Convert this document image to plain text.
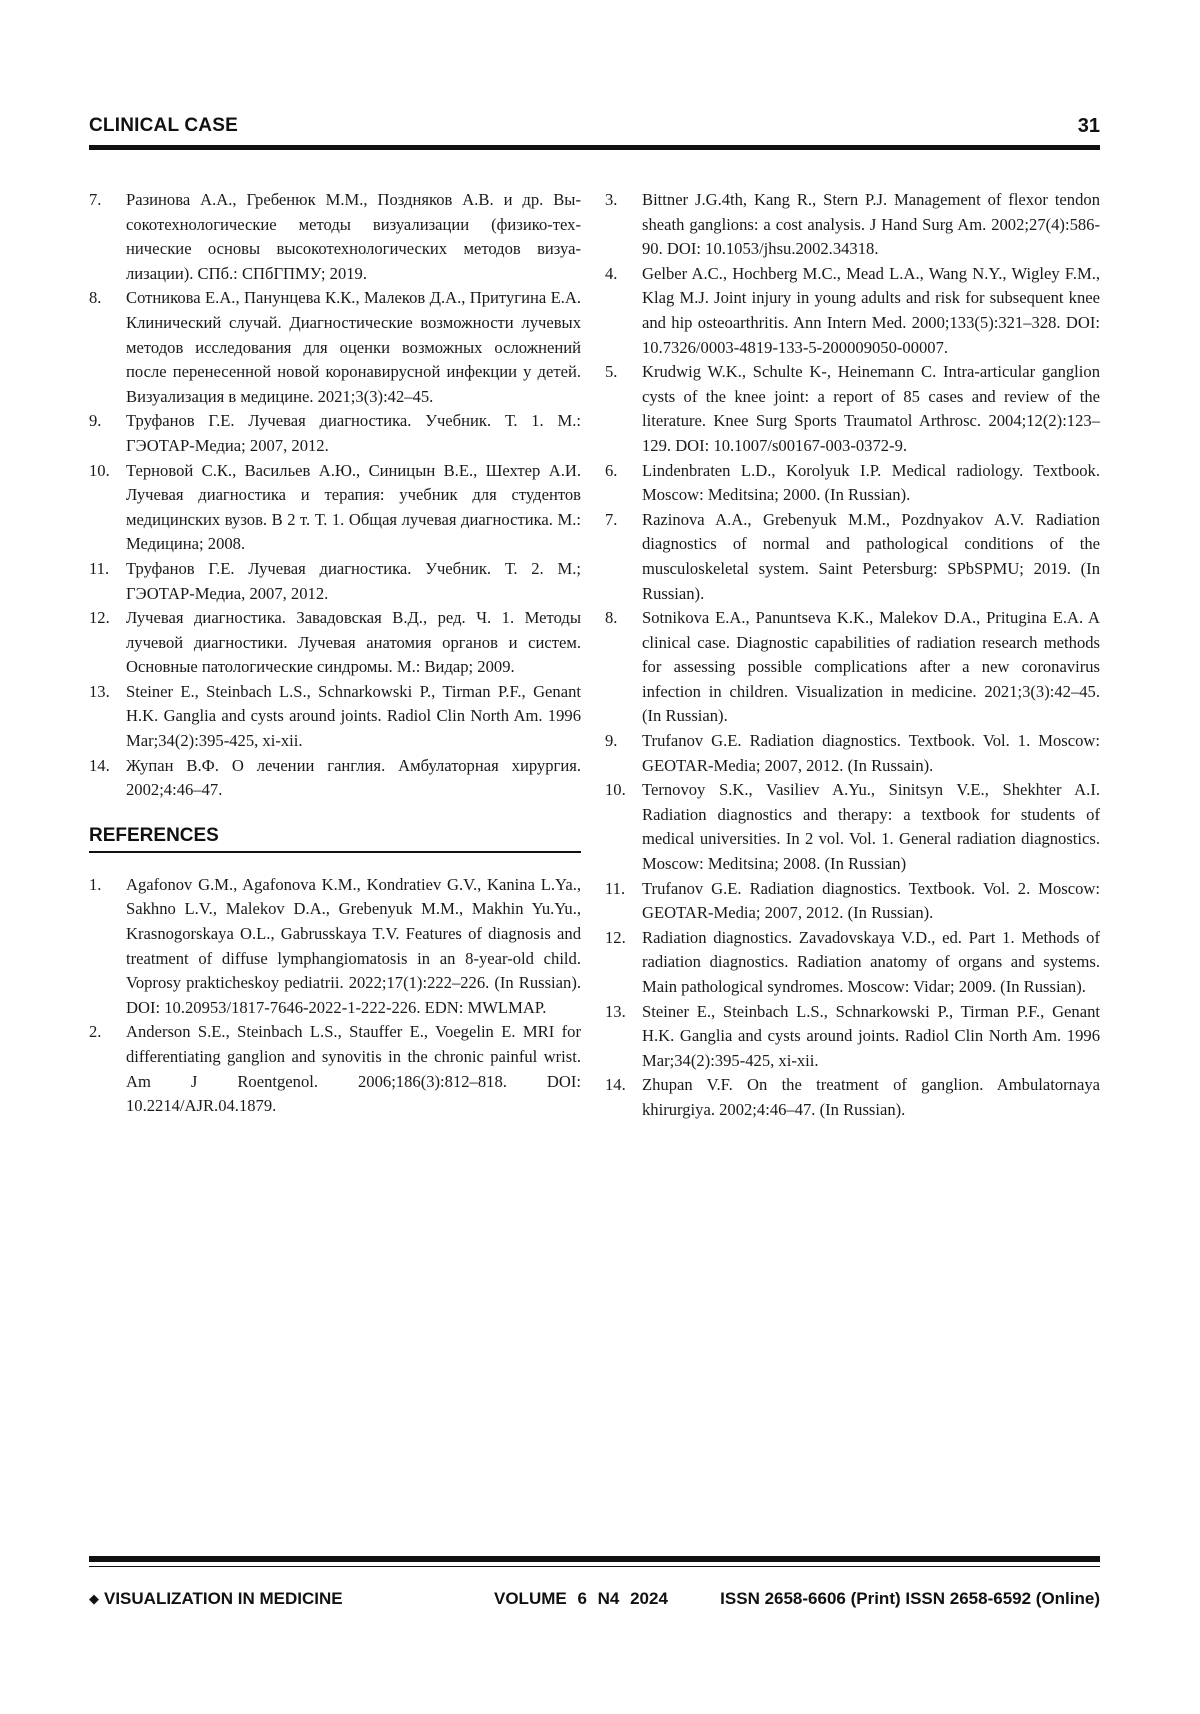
CLINICAL CASE	31
7. Разинова А.А., Гребенюк М.М., Поздняков А.В. и др. Высокотехнологические методы визуализации (физико-технические основы высокотехнологических методов визуализации). СПб.: СПбГПМУ; 2019.
8. Сотникова Е.А., Панунцева К.К., Малеков Д.А., Притугина Е.А. Клинический случай. Диагностические возможности лучевых методов исследования для оценки возможных осложнений после перенесенной новой коронавирусной инфекции у детей. Визуализация в медицине. 2021;3(3):42–45.
9. Труфанов Г.Е. Лучевая диагностика. Учебник. Т. 1. М.: ГЭОТАР-Медиа; 2007, 2012.
10. Терновой С.К., Васильев А.Ю., Синицын В.Е., Шехтер А.И. Лучевая диагностика и терапия: учебник для студентов медицинских вузов. В 2 т. Т. 1. Общая лучевая диагностика. М.: Медицина; 2008.
11. Труфанов Г.Е. Лучевая диагностика. Учебник. Т. 2. М.; ГЭОТАР-Медиа, 2007, 2012.
12. Лучевая диагностика. Завадовская В.Д., ред. Ч. 1. Методы лучевой диагностики. Лучевая анатомия органов и систем. Основные патологические синдромы. М.: Видар; 2009.
13. Steiner E., Steinbach L.S., Schnarkowski P., Tirman P.F., Genant H.K. Ganglia and cysts around joints. Radiol Clin North Am. 1996 Mar;34(2):395-425, xi-xii.
14. Жупан В.Ф. О лечении ганглия. Амбулаторная хирургия. 2002;4:46–47.
REFERENCES
1. Agafonov G.M., Agafonova K.M., Kondratiev G.V., Kanina L.Ya., Sakhno L.V., Malekov D.A., Grebenyuk M.M., Makhin Yu.Yu., Krasnogorskaya O.L., Gabrusskaya T.V. Features of diagnosis and treatment of diffuse lymphangiomatosis in an 8-year-old child. Voprosy prakticheskoy pediatrii. 2022;17(1):222–226. (In Russian). DOI: 10.20953/1817-7646-2022-1-222-226. EDN: MWLMAP.
2. Anderson S.E., Steinbach L.S., Stauffer E., Voegelin E. MRI for differentiating ganglion and synovitis in the chronic painful wrist. Am J Roentgenol. 2006;186(3):812–818. DOI: 10.2214/AJR.04.1879.
3. Bittner J.G.4th, Kang R., Stern P.J. Management of flexor tendon sheath ganglions: a cost analysis. J Hand Surg Am. 2002;27(4):586-90. DOI: 10.1053/jhsu.2002.34318.
4. Gelber A.C., Hochberg M.C., Mead L.A., Wang N.Y., Wigley F.M., Klag M.J. Joint injury in young adults and risk for subsequent knee and hip osteoarthritis. Ann Intern Med. 2000;133(5):321–328. DOI: 10.7326/0003-4819-133-5-200009050-00007.
5. Krudwig W.K., Schulte K-, Heinemann C. Intra-articular ganglion cysts of the knee joint: a report of 85 cases and review of the literature. Knee Surg Sports Traumatol Arthrosc. 2004;12(2):123–129. DOI: 10.1007/s00167-003-0372-9.
6. Lindenbraten L.D., Korolyuk I.P. Medical radiology. Textbook. Moscow: Meditsina; 2000. (In Russian).
7. Razinova A.A., Grebenyuk M.M., Pozdnyakov A.V. Radiation diagnostics of normal and pathological conditions of the musculoskeletal system. Saint Petersburg: SPbSPMU; 2019. (In Russian).
8. Sotnikova E.A., Panuntseva K.K., Malekov D.A., Prituginа E.A. A clinical case. Diagnostic capabilities of radiation research methods for assessing possible complications after a new coronavirus infection in children. Visualization in medicine. 2021;3(3):42–45. (In Russian).
9. Trufanov G.E. Radiation diagnostics. Textbook. Vol. 1. Moscow: GEOTAR-Media; 2007, 2012. (In Russain).
10. Ternovoy S.K., Vasiliev A.Yu., Sinitsyn V.E., Shekhter A.I. Radiation diagnostics and therapy: a textbook for students of medical universities. In 2 vol. Vol. 1. General radiation diagnostics. Moscow: Meditsina; 2008. (In Russian)
11. Trufanov G.E. Radiation diagnostics. Textbook. Vol. 2. Moscow: GEOTAR-Media; 2007, 2012. (In Russian).
12. Radiation diagnostics. Zavadovskaya V.D., ed. Part 1. Methods of radiation diagnostics. Radiation anatomy of organs and systems. Main pathological syndromes. Moscow: Vidar; 2009. (In Russian).
13. Steiner E., Steinbach L.S., Schnarkowski P., Tirman P.F., Genant H.K. Ganglia and cysts around joints. Radiol Clin North Am. 1996 Mar;34(2):395-425, xi-xii.
14. Zhupan V.F. On the treatment of ganglion. Ambulatornaya khirurgiya. 2002;4:46–47. (In Russian).
◆ VISUALIZATION IN MEDICINE	VOLUME 6 N4 2024	ISSN 2658-6606 (Print) ISSN 2658-6592 (Online)
